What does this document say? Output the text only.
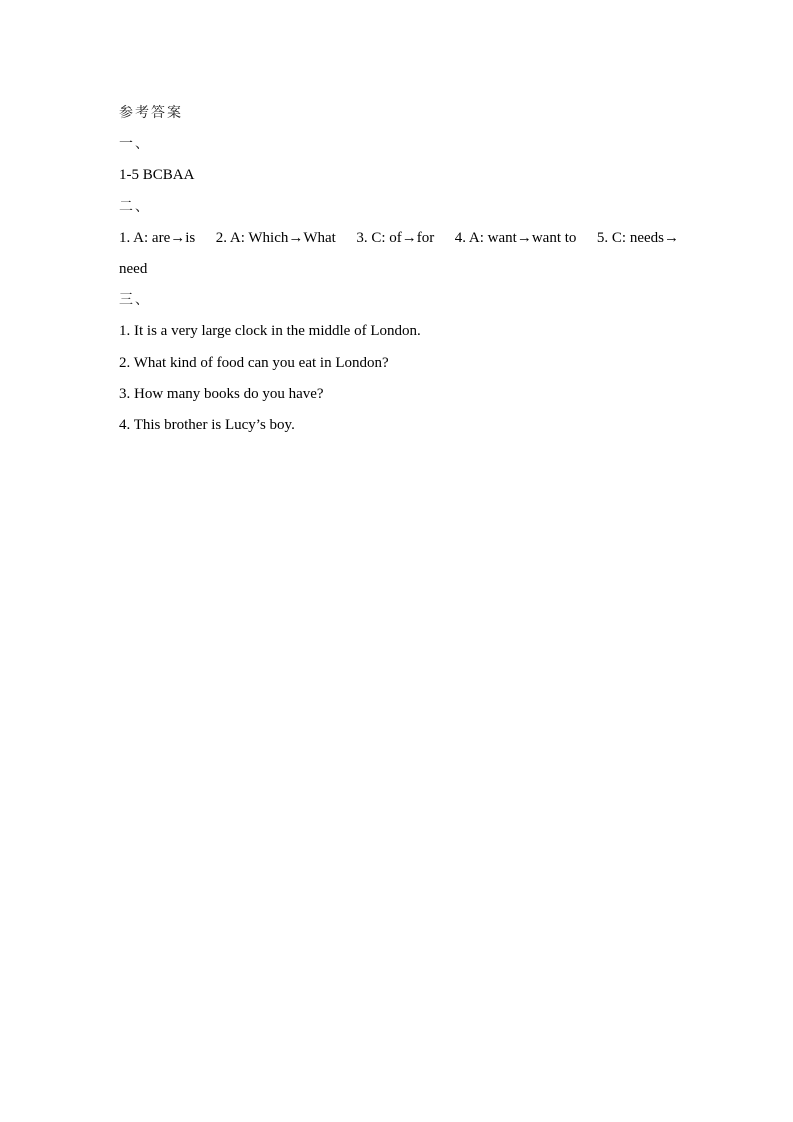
参考答案

一、

1-5 BCBAA

二、

1. A: are→is 2. A: Which→What 3. C: of→for 4. A: want→want to 5. C: needs→

need

三、

1. It is a very large clock in the middle of London.

2. What kind of food can you eat in London?

3. How many books do you have?

4. This brother is Lucy’s boy.
